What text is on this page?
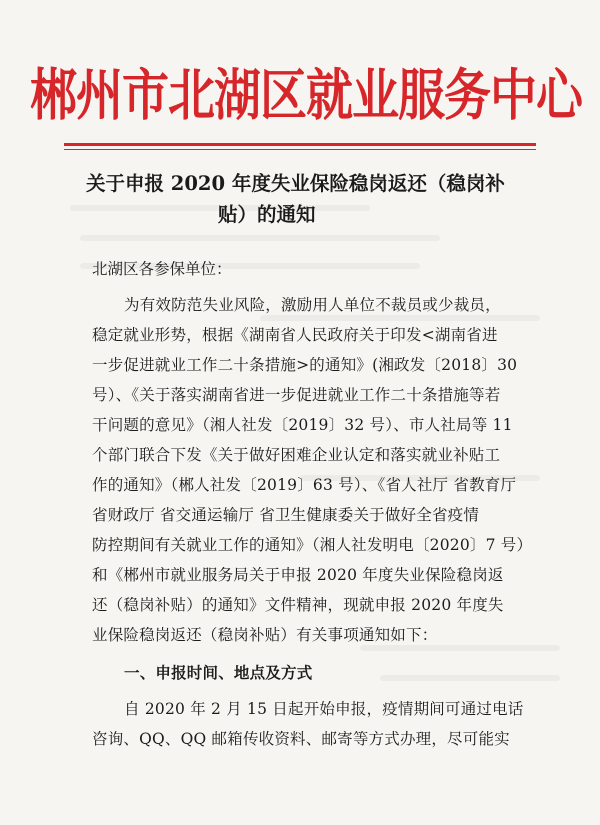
郴州市北湖区就业服务中心
关于申报 2020 年度失业保险稳岗返还（稳岗补
贴）的通知
北湖区各参保单位：
为有效防范失业风险，激励用人单位不裁员或少裁员，
稳定就业形势，根据《湖南省人民政府关于印发<湖南省进
一步促进就业工作二十条措施>的通知》(湘政发〔2018〕30
号）、《关于落实湖南省进一步促进就业工作二十条措施等若
干问题的意见》（湘人社发〔2019〕32 号）、市人社局等 11
个部门联合下发《关于做好困难企业认定和落实就业补贴工
作的通知》（郴人社发〔2019〕63 号）、《省人社厅 省教育厅
省财政厅 省交通运输厅 省卫生健康委关于做好全省疫情
防控期间有关就业工作的通知》（湘人社发明电〔2020〕7 号）
和《郴州市就业服务局关于申报 2020 年度失业保险稳岗返
还（稳岗补贴）的通知》文件精神，现就申报 2020 年度失
业保险稳岗返还（稳岗补贴）有关事项通知如下：
一、申报时间、地点及方式
自 2020 年 2 月 15 日起开始申报，疫情期间可通过电话
咨询、QQ、QQ 邮箱传收资料、邮寄等方式办理，尽可能实
